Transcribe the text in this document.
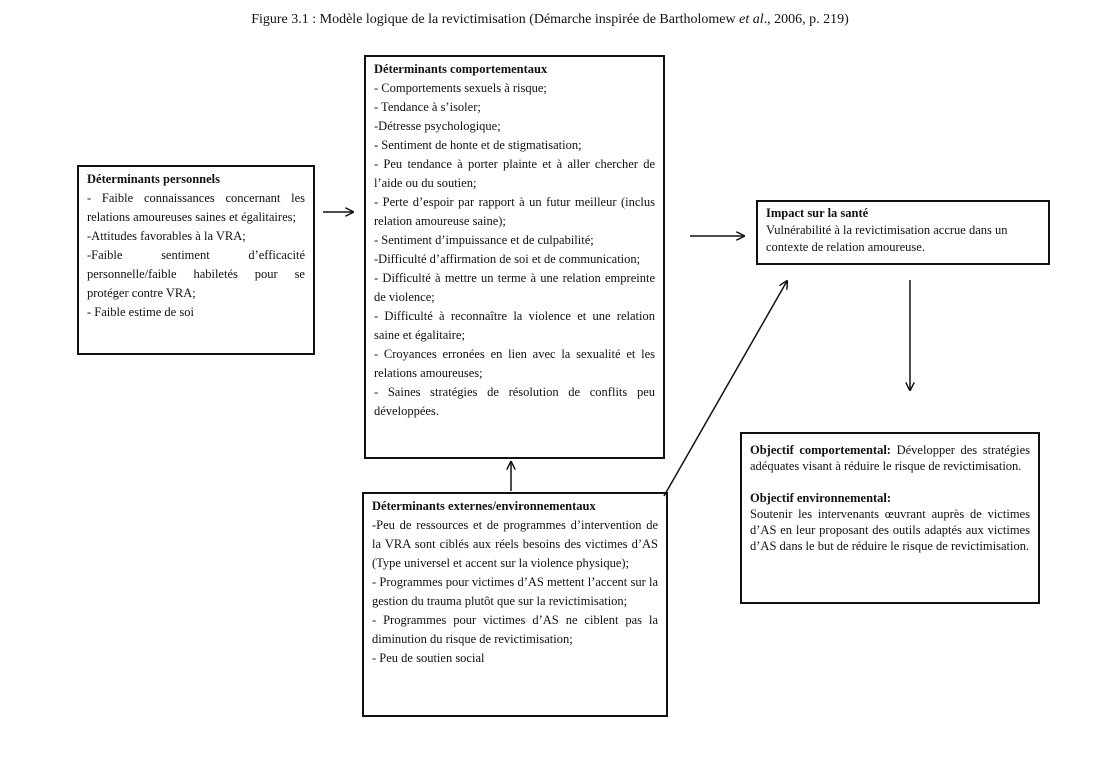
Figure 3.1 : Modèle logique de la revictimisation (Démarche inspirée de Bartholomew et al., 2006, p. 219)
Déterminants personnels
- Faible connaissances concernant les relations amoureuses saines et égalitaires;
-Attitudes favorables à la VRA;
-Faible sentiment d’efficacité personnelle/faible habiletés pour se protéger contre VRA;
- Faible estime de soi
Déterminants comportementaux
- Comportements sexuels à risque;
- Tendance à s’isoler;
-Détresse psychologique;
- Sentiment de honte et de stigmatisation;
- Peu tendance à porter plainte et à aller chercher de l’aide ou du soutien;
- Perte d’espoir par rapport à un futur meilleur (inclus relation amoureuse saine);
- Sentiment d’impuissance et de culpabilité;
-Difficulté d’affirmation de soi et de communication;
- Difficulté à mettre un terme à une relation empreinte de violence;
- Difficulté à reconnaître la violence et une relation saine et égalitaire;
- Croyances erronées en lien avec la sexualité et les relations amoureuses;
- Saines stratégies de résolution de conflits peu développées.
Impact sur la santé
Vulnérabilité à la revictimisation accrue dans un contexte de relation amoureuse.
Déterminants externes/environnementaux
-Peu de ressources et de programmes d’intervention de la VRA sont ciblés aux réels besoins des victimes d’AS (Type universel et accent sur la violence physique);
- Programmes pour victimes d’AS mettent l’accent sur la gestion du trauma plutôt que sur la revictimisation;
- Programmes pour victimes d’AS ne ciblent pas la diminution du risque de revictimisation;
- Peu de soutien social
Objectif comportemental: Développer des stratégies adéquates visant à réduire le risque de revictimisation.
Objectif environnemental:
Soutenir les intervenants œuvrant auprès de victimes d’AS en leur proposant des outils adaptés aux victimes d’AS dans le but de réduire le risque de revictimisation.
